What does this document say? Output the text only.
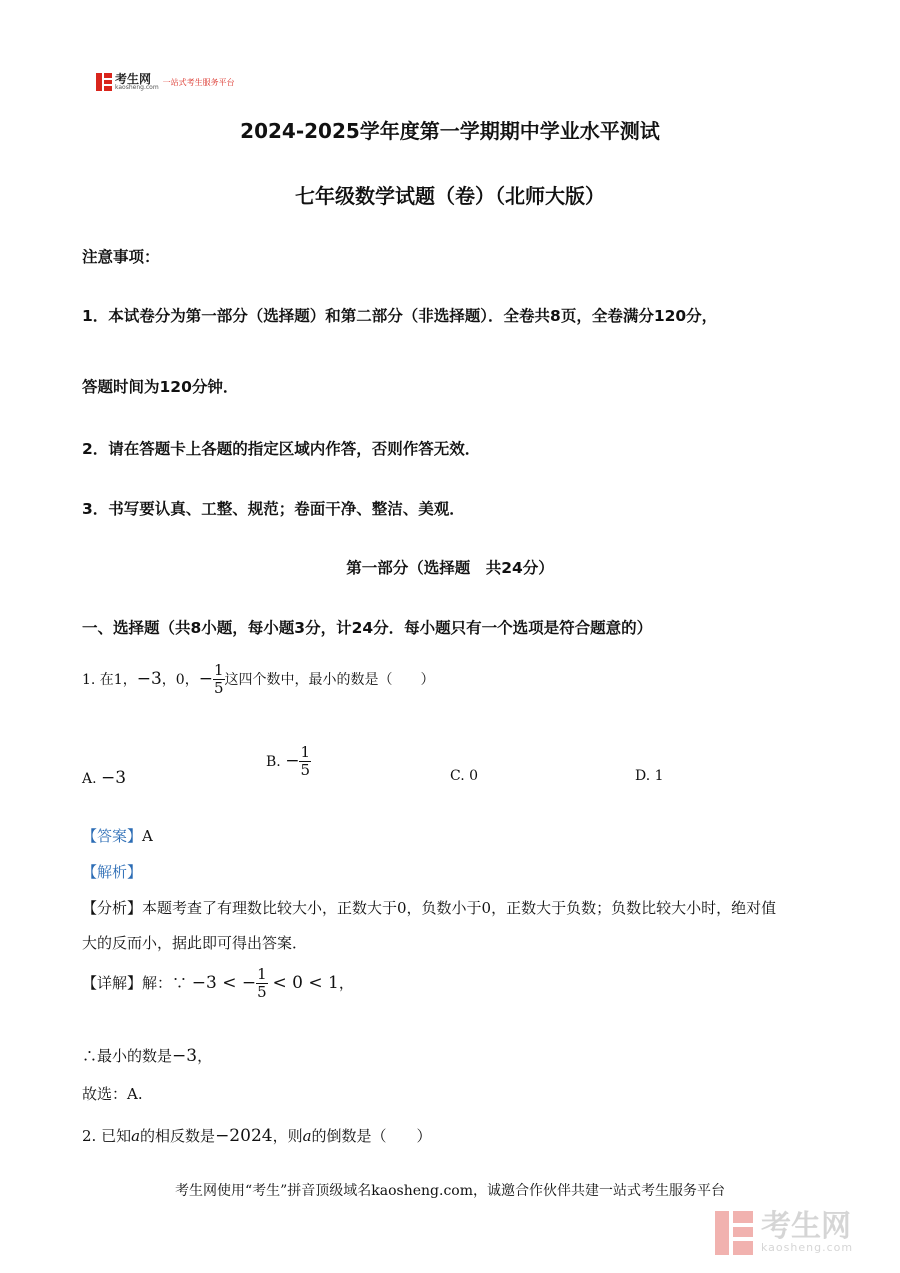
考生网
kaosheng.com
一站式考生服务平台
2024-2025学年度第一学期期中学业水平测试
七年级数学试题（卷）（北师大版）
注意事项：
1．本试卷分为第一部分（选择题）和第二部分（非选择题）．全卷共8页，全卷满分120分，
答题时间为120分钟．
2．请在答题卡上各题的指定区域内作答，否则作答无效．
3．书写要认真、工整、规范；卷面干净、整洁、美观．
第一部分（选择题　共24分）
一、选择题（共8小题，每小题3分，计24分．每小题只有一个选项是符合题意的）
1. 在1，−3，0，− $\frac{1}{5}$ 这四个数中，最小的数是（　　）
A. −3
B. − $\frac{1}{5}$	C. 0	D. 1
【答案】A
【解析】
【分析】本题考查了有理数比较大小，正数大于0，负数小于0，正数大于负数；负数比较大小时，绝对值
大的反而小，据此即可得出答案．
【详解】解：∵ −3 < − $\frac{1}{5} < 0 < 1$，
∴最小的数是−3，
故选：A.
2. 已知a的相反数是−2024，则a的倒数是（　　）
考生网使用“考生”拼音顶级域名kaosheng.com，诚邀合作伙伴共建一站式考生服务平台
考生网
kaosheng.com
